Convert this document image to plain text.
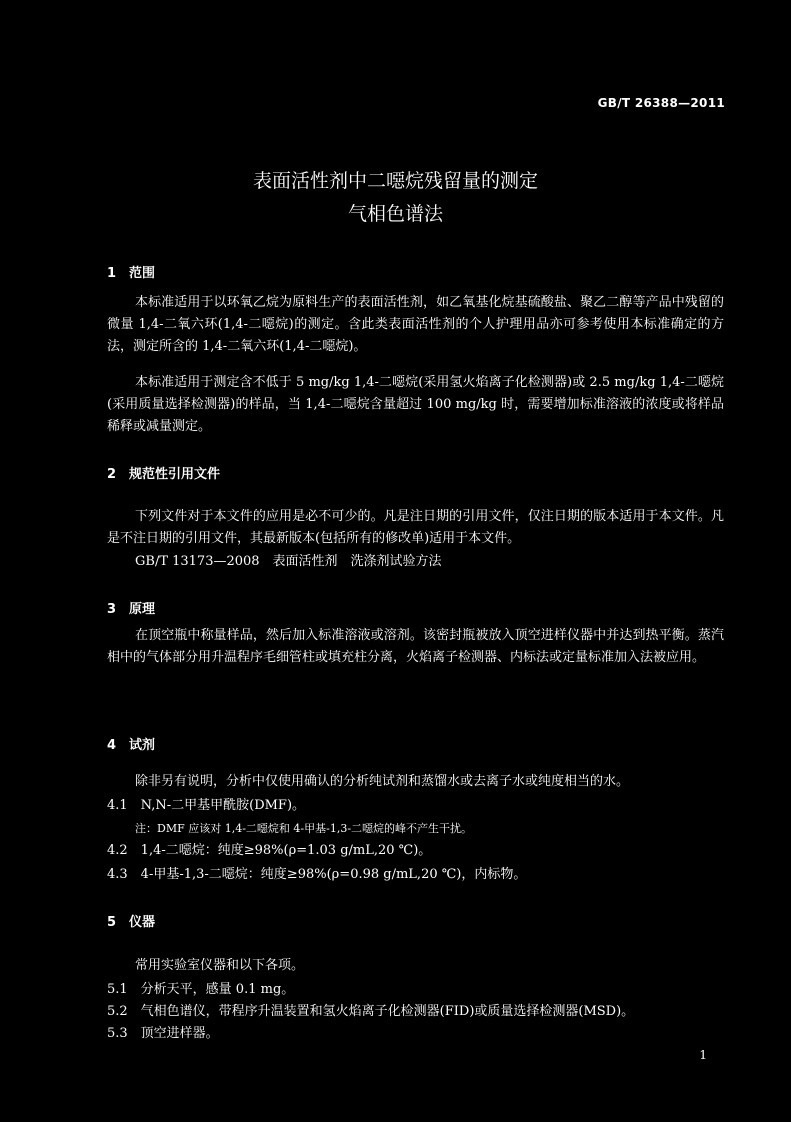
GB/T 26388—2011
表面活性剂中二噁烷残留量的测定
气相色谱法
1 范围
本标准适用于以环氧乙烷为原料生产的表面活性剂，如乙氧基化烷基硫酸盐、聚乙二醇等产品中残留的微量 1,4-二氧六环(1,4-二噁烷)的测定。含此类表面活性剂的个人护理用品亦可参考使用本标准确定的方法，测定所含的 1,4-二氧六环(1,4-二噁烷)。
本标准适用于测定含不低于 5 mg/kg 1,4-二噁烷(采用氢火焰离子化检测器)或 2.5 mg/kg 1,4-二噁烷(采用质量选择检测器)的样品，当 1,4-二噁烷含量超过 100 mg/kg 时，需要增加标准溶液的浓度或将样品稀释或减量测定。
2 规范性引用文件
下列文件对于本文件的应用是必不可少的。凡是注日期的引用文件，仅注日期的版本适用于本文件。凡是不注日期的引用文件，其最新版本(包括所有的修改单)适用于本文件。
GB/T 13173—2008　表面活性剂　洗涤剂试验方法
3 原理
在顶空瓶中称量样品，然后加入标准溶液或溶剂。该密封瓶被放入顶空进样仪器中并达到热平衡。蒸汽相中的气体部分用升温程序毛细管柱或填充柱分离，火焰离子检测器、内标法或定量标准加入法被应用。
4 试剂
除非另有说明，分析中仅使用确认的分析纯试剂和蒸馏水或去离子水或纯度相当的水。
4.1　N,N-二甲基甲酰胺(DMF)。
注：DMF 应该对 1,4-二噁烷和 4-甲基-1,3-二噁烷的峰不产生干扰。
4.2　1,4-二噁烷：纯度≥98%(ρ=1.03 g/mL,20 ℃)。
4.3　4-甲基-1,3-二噁烷：纯度≥98%(ρ=0.98 g/mL,20 ℃)，内标物。
5 仪器
常用实验室仪器和以下各项。
5.1　分析天平，感量 0.1 mg。
5.2　气相色谱仪，带程序升温装置和氢火焰离子化检测器(FID)或质量选择检测器(MSD)。
5.3　顶空进样器。
1
